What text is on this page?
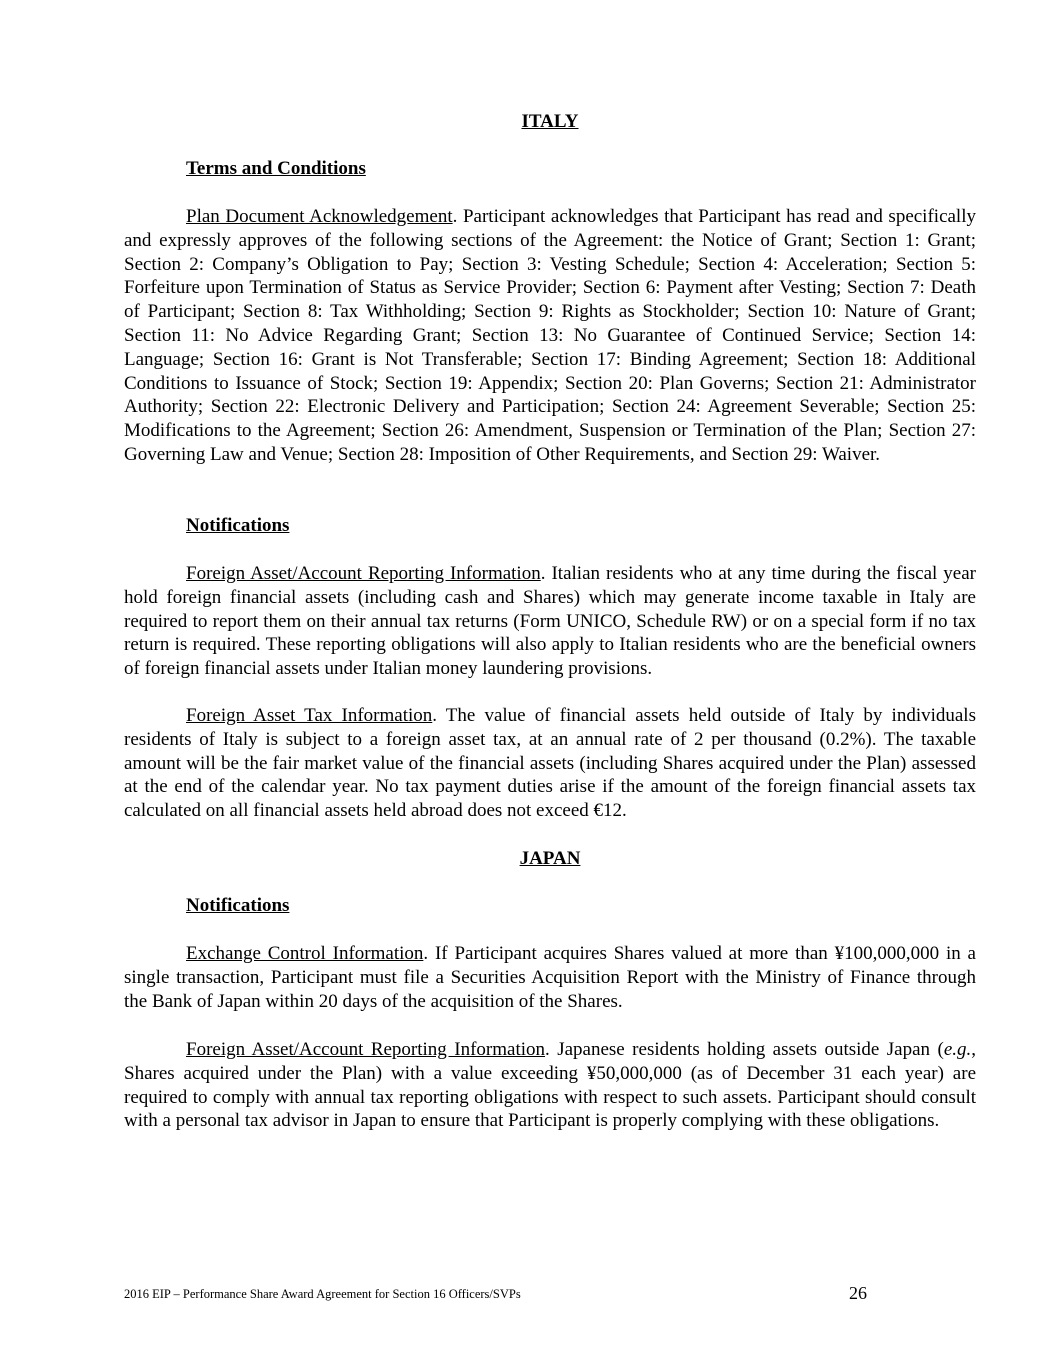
ITALY
Terms and Conditions

Plan Document Acknowledgement. Participant acknowledges that Participant has read and specifically and expressly approves of the following sections of the Agreement: the Notice of Grant; Section 1: Grant; Section 2: Company’s Obligation to Pay; Section 3: Vesting Schedule; Section 4: Acceleration; Section 5: Forfeiture upon Termination of Status as Service Provider; Section 6: Payment after Vesting; Section 7: Death of Participant; Section 8: Tax Withholding; Section 9: Rights as Stockholder; Section 10: Nature of Grant; Section 11: No Advice Regarding Grant; Section 13: No Guarantee of Continued Service; Section 14: Language; Section 16: Grant is Not Transferable; Section 17: Binding Agreement; Section 18: Additional Conditions to Issuance of Stock; Section 19: Appendix; Section 20: Plan Governs; Section 21: Administrator Authority; Section 22: Electronic Delivery and Participation; Section 24: Agreement Severable; Section 25: Modifications to the Agreement; Section 26: Amendment, Suspension or Termination of the Plan; Section 27: Governing Law and Venue; Section 28: Imposition of Other Requirements, and Section 29: Waiver.

Notifications

Foreign Asset/Account Reporting Information. Italian residents who at any time during the fiscal year hold foreign financial assets (including cash and Shares) which may generate income taxable in Italy are required to report them on their annual tax returns (Form UNICO, Schedule RW) or on a special form if no tax return is required. These reporting obligations will also apply to Italian residents who are the beneficial owners of foreign financial assets under Italian money laundering provisions.

Foreign Asset Tax Information. The value of financial assets held outside of Italy by individuals residents of Italy is subject to a foreign asset tax, at an annual rate of 2 per thousand (0.2%). The taxable amount will be the fair market value of the financial assets (including Shares acquired under the Plan) assessed at the end of the calendar year. No tax payment duties arise if the amount of the foreign financial assets tax calculated on all financial assets held abroad does not exceed €12.

JAPAN
Notifications

Exchange Control Information. If Participant acquires Shares valued at more than ¥100,000,000 in a single transaction, Participant must file a Securities Acquisition Report with the Ministry of Finance through the Bank of Japan within 20 days of the acquisition of the Shares.

Foreign Asset/Account Reporting Information. Japanese residents holding assets outside Japan (e.g., Shares acquired under the Plan) with a value exceeding ¥50,000,000 (as of December 31 each year) are required to comply with annual tax reporting obligations with respect to such assets. Participant should consult with a personal tax advisor in Japan to ensure that Participant is properly complying with these obligations.

2016 EIP – Performance Share Award Agreement for Section 16 Officers/SVPs	26
